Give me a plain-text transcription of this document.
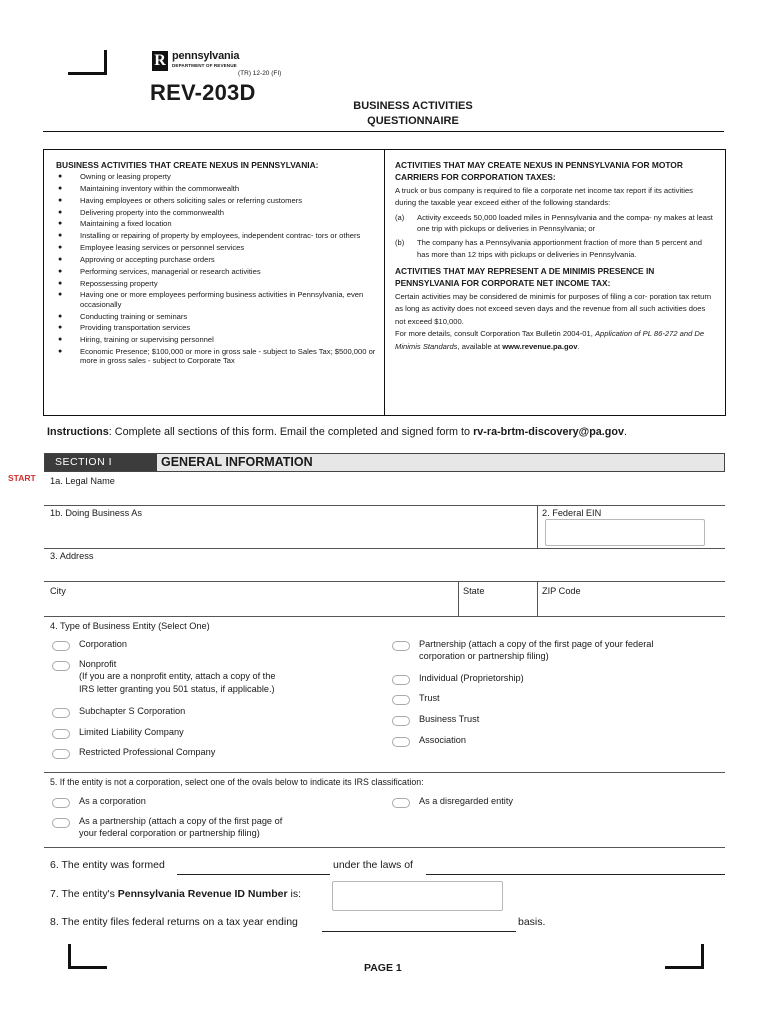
R pennsylvania
DEPARTMENT OF REVENUE
(TR) 12-20 (FI)
REV-203D
BUSINESS ACTIVITIES
QUESTIONNAIRE
BUSINESS ACTIVITIES THAT CREATE NEXUS IN PENNSYLVANIA:
● Owning or leasing property
● Maintaining inventory within the commonwealth
● Having employees or others soliciting sales or referring customers
● Delivering property into the commonwealth
● Maintaining a fixed location
● Installing or repairing of property by employees, independent contrac- tors or others
● Employee leasing services or personnel services
● Approving or accepting purchase orders
● Performing services, managerial or research activities
● Repossessing property
● Having one or more employees performing business activities in Pennsylvania, even occasionally
● Conducting training or seminars
● Providing transportation services
● Hiring, training or supervising personnel
● Economic Presence; $100,000 or more in gross sale - subject to Sales Tax; $500,000 or more in gross sales - subject to Corporate Tax
ACTIVITIES THAT MAY CREATE NEXUS IN PENNSYLVANIA FOR MOTOR CARRIERS FOR CORPORATION TAXES:

A truck or bus company is required to file a corporate net income tax report if its activities during the taxable year exceed either of the following standards:

(a) Activity exceeds 50,000 loaded miles in Pennsylvania and the compa- ny makes at least one trip with pickups or deliveries in Pennsylvania; or
(b) The company has a Pennsylvania apportionment fraction of more than 5 percent and has more than 12 trips with pickups or deliveries in Pennsylvania.
ACTIVITIES THAT MAY REPRESENT A DE MINIMIS PRESENCE IN PENNSYLVANIA FOR CORPORATE NET INCOME TAX:

Certain activities may be considered de minimis for purposes of filing a cor- poration tax return as long as activity does not exceed seven days and the revenue from all such activities does not exceed $10,000.

For more details, consult Corporation Tax Bulletin 2004-01, Application of PL 86-272 and De Minimis Standards, available at www.revenue.pa.gov.

Instructions: Complete all sections of this form. Email the completed and signed form to rv-ra-brtm-discovery@pa.gov.
SECTION I	GENERAL INFORMATION
START 1a. Legal Name
1b. Doing Business As	2. Federal EIN
3. Address
City	State	ZIP Code
4. Type of Business Entity (Select One)
Corporation
Nonprofit
(If you are a nonprofit entity, attach a copy of the
IRS letter granting you 501 status, if applicable.)
Subchapter S Corporation
Limited Liability Company
Restricted Professional Company
Partnership (attach a copy of the first page of your federal
corporation or partnership filing)
Individual (Proprietorship)
Trust
Business Trust
Association
5. If the entity is not a corporation, select one of the ovals below to indicate its IRS classification:
As a corporation	As a disregarded entity
As a partnership (attach a copy of the first page of
your federal corporation or partnership filing)
6. The entity was formed	under the laws of
7. The entity's Pennsylvania Revenue ID Number is:
8. The entity files federal returns on a tax year ending	basis.
PAGE 1
